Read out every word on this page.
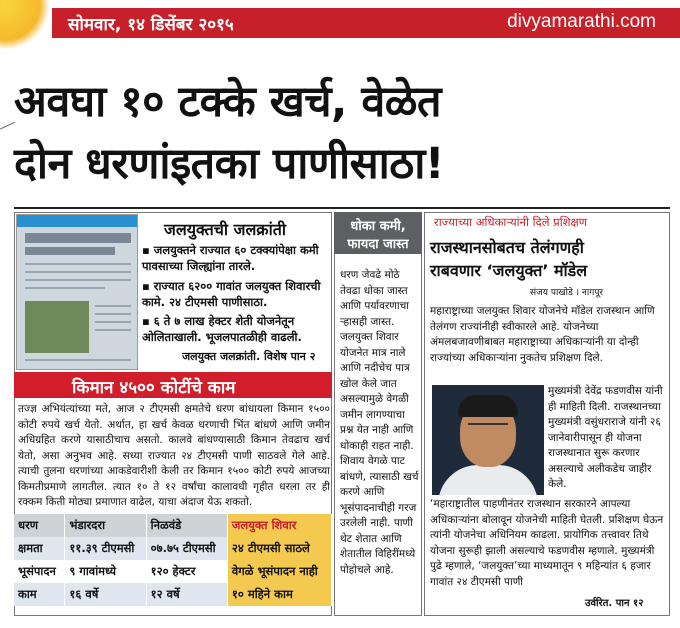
सोमवार, १४ डिसेंबर २०१५	divyamarathi.com
अवघा १० टक्के खर्च, वेळेत
दोन धरणांइतका पाणीसाठा!
जलयुक्तची जलक्रांती
▪ जलयुक्तने राज्यात ६० टक्क्यांपेक्षा कमी पावसाच्या जिल्ह्यांना तारले.
▪ राज्यात ६२०० गावांत जलयुक्त शिवारची कामे. २४ टीएमसी पाणीसाठा.
▪ ६ ते ७ लाख हेक्टर शेती योजनेतून ओलिताखाली. भूजलपातळीही वाढली.
जलयुक्त जलक्रांती. विशेष पान २
किमान ४५०० कोटींचे काम
तज्ज्ञ अभियंत्यांच्या मते, आज २ टीएमसी क्षमतेचे धरण बांधायला किमान १५०० कोटी रुपये खर्च येतो. अर्थात, हा खर्च केवळ धरणाची भिंत बांधणे आणि जमीन अधिग्रहित करणे यासाठीचाच असतो. कालवे बांधण्यासाठी किमान तेवढाच खर्च येतो, असा अनुभव आहे. सध्या राज्यात २४ टीएमसी पाणी साठवले गेले आहे. त्याची तुलना धरणांच्या आकडेवारीशी केली तर किमान १५०० कोटी रुपये आजच्या किमतीप्रमाणे लागतील. त्यात १० ते १२ वर्षांचा कालावधी गृहीत धरला तर ही रक्कम किती मोठ्या प्रमाणात वाढेल, याचा अंदाज येऊ शकतो.
धरण	भंडारदरा	निळवंडे	जलयुक्त शिवार
क्षमता	११.३९ टीएमसी	०७.७५ टीएमसी	२४ टीएमसी साठले
भूसंपादन	९ गावांमध्ये	१२० हेक्टर	वेगळे भूसंपादन नाही
काम	१६ वर्षे	१२ वर्षे	१० महिने काम
धोका कमी,
फायदा जास्त
धरण जेवढे मोठे तेवढा धोका जास्त आणि पर्यावरणाचा ऱ्हासही जास्त. जलयुक्त शिवार योजनेत मात्र नाले आणि नदीचेच पात्र खोल केले जात असल्यामुळे वेगळी जमीन लागण्याचा प्रश्न येत नाही आणि धोकाही राहत नाही. शिवाय वेगळे पाट बांधणे, त्यासाठी खर्च करणे आणि भूसंपादनाचीही गरज उरलेली नाही. पाणी थेट शेतात आणि शेतातील विहिरींमध्ये पोहोचले आहे.
राज्याच्या अधिकाऱ्यांनी दिले प्रशिक्षण
राजस्थानसोबतच तेलंगणही
राबवणार ‘जलयुक्त’ मॉडेल
संजय पाखोडे । नागपूर
महाराष्ट्राच्या जलयुक्त शिवार योजनेचे मॉडेल राजस्थान आणि तेलंगण राज्यांनीही स्वीकारले आहे. योजनेच्या अंमलबजावणीबाबत महाराष्ट्राच्या अधिकाऱ्यांनी या दोन्ही राज्यांच्या अधिकाऱ्यांना नुकतेच प्रशिक्षण दिले.
मुख्यमंत्री देवेंद्र फडणवीस यांनी ही माहिती दिली. राजस्थानच्या मुख्यमंत्री वसुंधराराजे यांनी २६ जानेवारीपासून ही योजना राजस्थानात सुरू करणार असल्याचे अलीकडेच जाहीर केले.
‘महाराष्ट्रातील पाहणीनंतर राजस्थान सरकारने आपल्या अधिकाऱ्यांना बोलावून योजनेची माहिती घेतली. प्रशिक्षण घेऊन त्यांनी योजनेचा अधिनियम काढला. प्रायोगिक तत्त्वावर तिथे योजना सुरूही झाली असल्याचे फडणवीस म्हणाले. मुख्यमंत्री पुढे म्हणाले, ‘जलयुक्त’च्या माध्यमातून ९ महिन्यांत ६ हजार गावांत २४ टीएमसी पाणी
उर्वरित. पान १२
